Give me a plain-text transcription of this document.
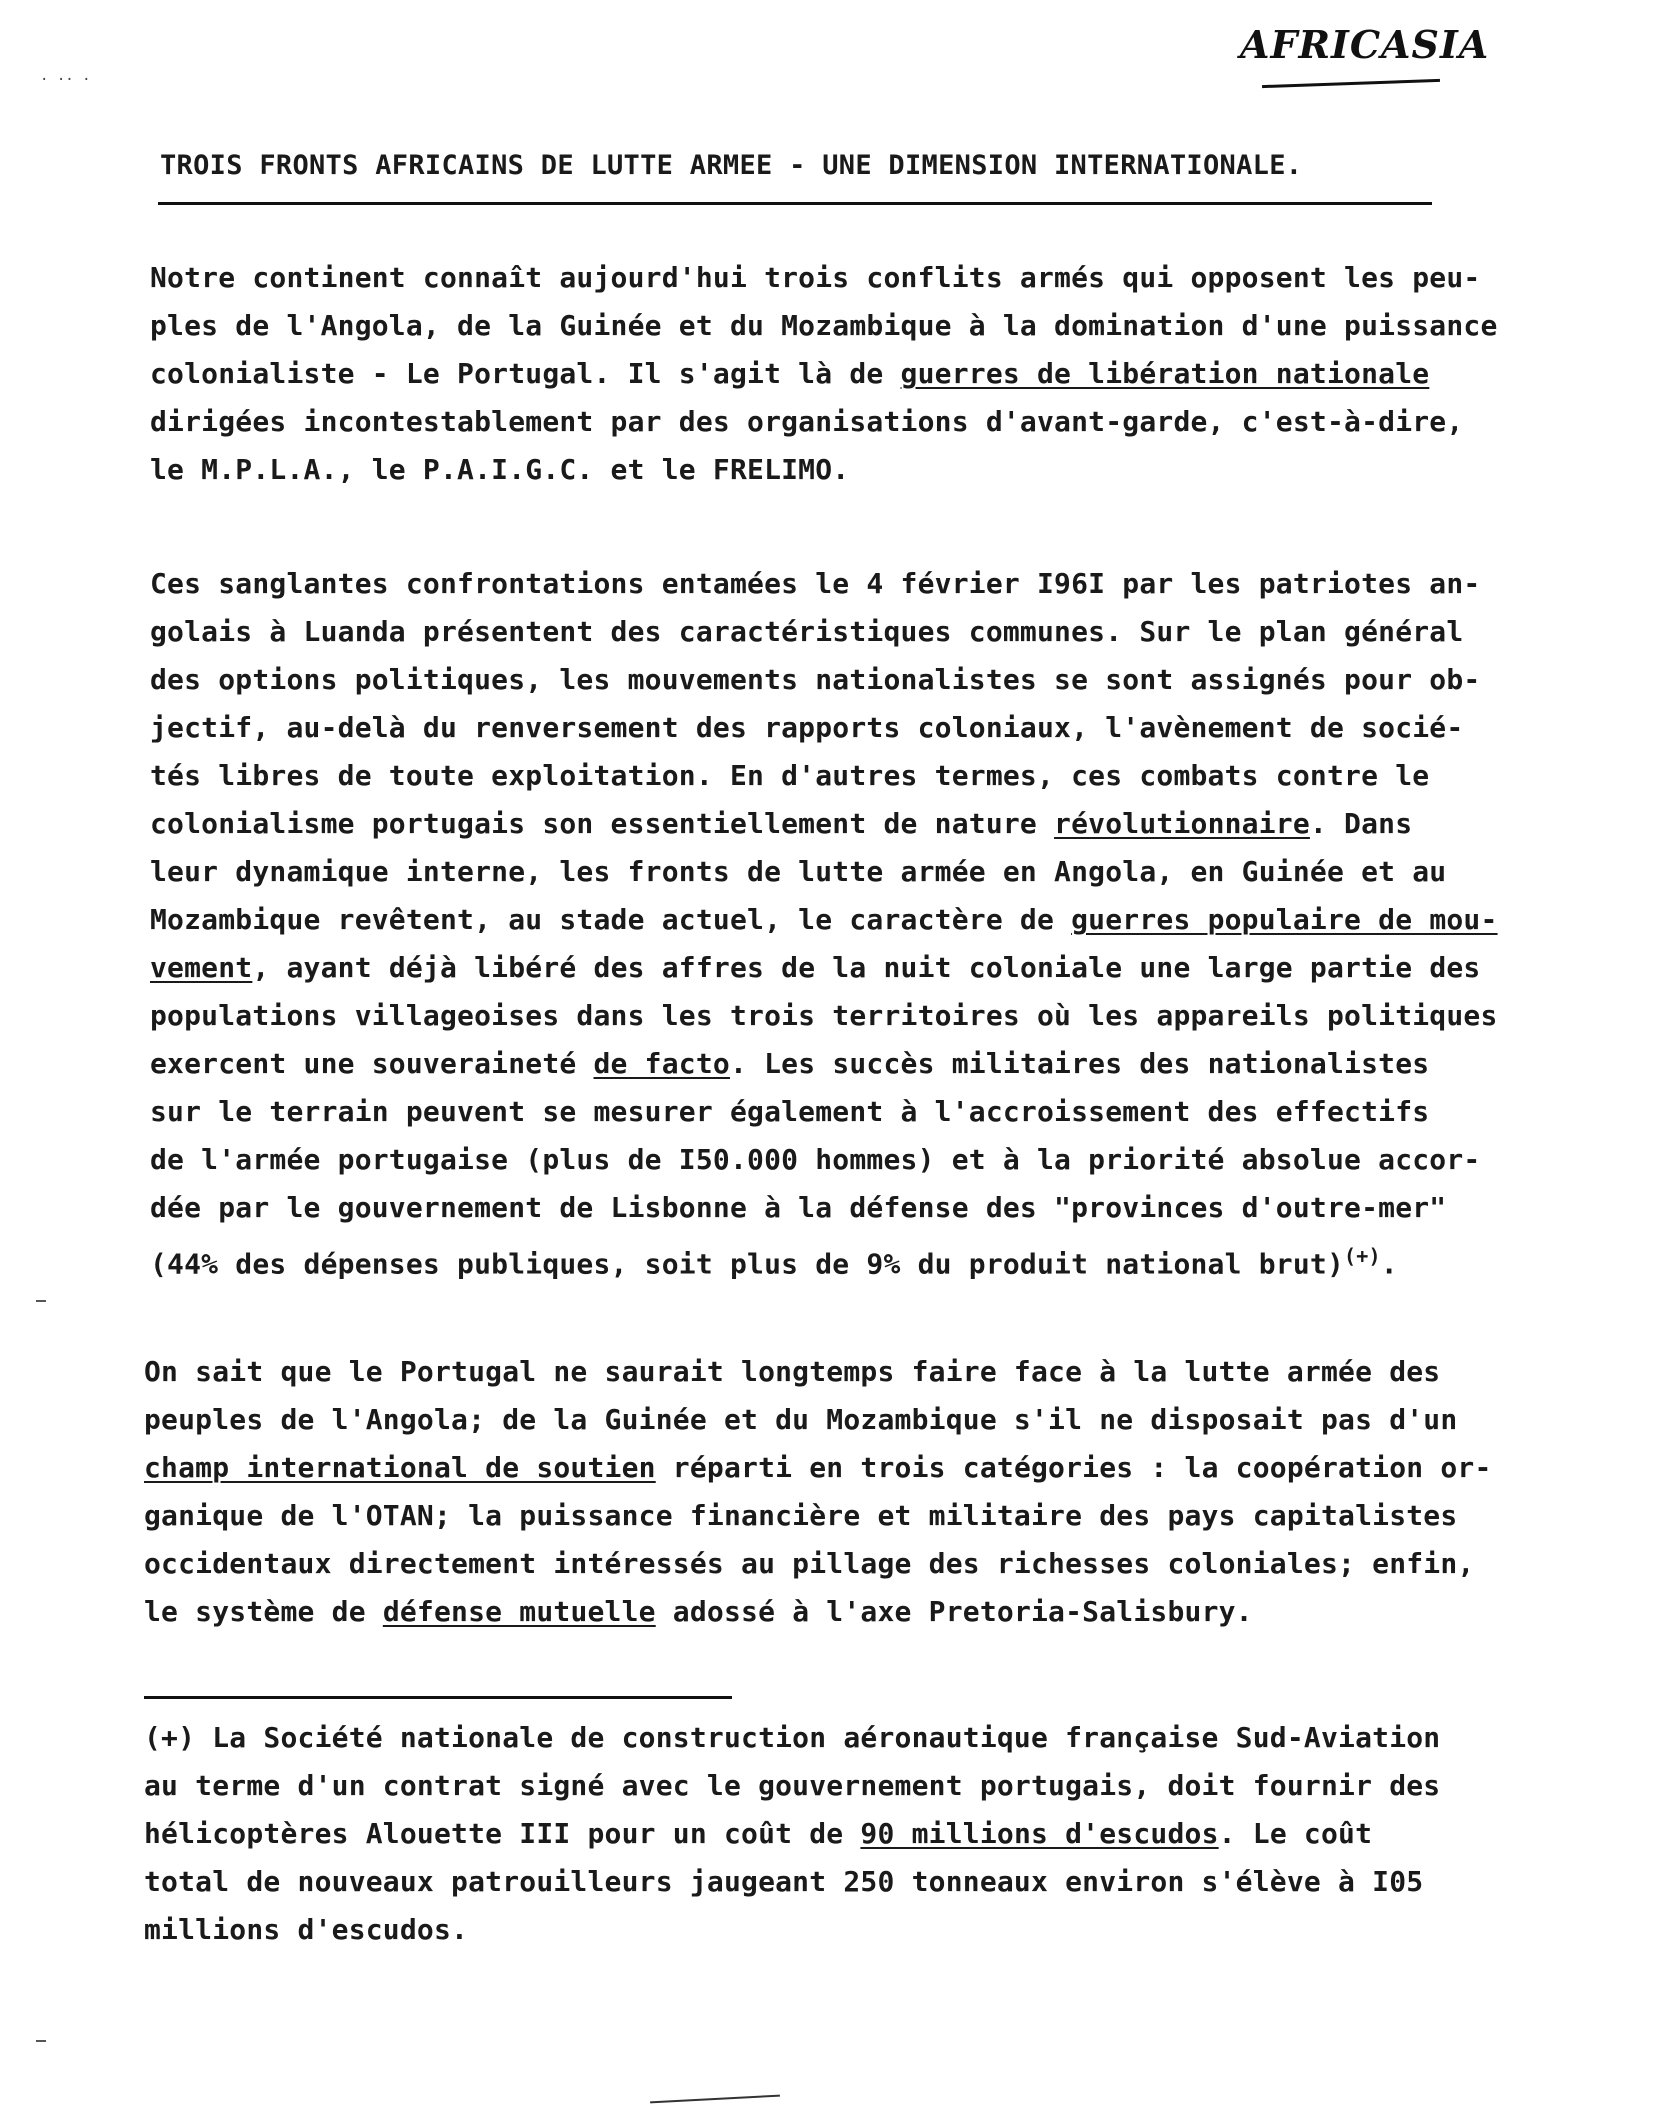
· ·· ·
AFRICASIA
TROIS FRONTS AFRICAINS DE LUTTE ARMEE - UNE DIMENSION INTERNATIONALE.
Notre continent connaît aujourd'hui trois conflits armés qui opposent les peu-
ples de l'Angola, de la Guinée et du Mozambique à la domination d'une puissance
colonialiste - Le Portugal. Il s'agit là de guerres de libération nationale
dirigées incontestablement par des organisations d'avant-garde, c'est-à-dire,
le M.P.L.A., le P.A.I.G.C. et le FRELIMO.
Ces sanglantes confrontations entamées le 4 février I96I par les patriotes an-
golais à Luanda présentent des caractéristiques communes. Sur le plan général
des options politiques, les mouvements nationalistes se sont assignés pour ob-
jectif, au-delà du renversement des rapports coloniaux, l'avènement de socié-
tés libres de toute exploitation. En d'autres termes, ces combats contre le
colonialisme portugais son essentiellement de nature révolutionnaire. Dans
leur dynamique interne, les fronts de lutte armée en Angola, en Guinée et au
Mozambique revêtent, au stade actuel, le caractère de guerres populaire de mou-
vement, ayant déjà libéré des affres de la nuit coloniale une large partie des
populations villageoises dans les trois territoires où les appareils politiques
exercent une souveraineté de facto. Les succès militaires des nationalistes
sur le terrain peuvent se mesurer également à l'accroissement des effectifs
de l'armée portugaise (plus de I50.000 hommes) et à la priorité absolue accor-
dée par le gouvernement de Lisbonne à la défense des "provinces d'outre-mer"
(44% des dépenses publiques, soit plus de 9% du produit national brut)(+).
On sait que le Portugal ne saurait longtemps faire face à la lutte armée des
peuples de l'Angola; de la Guinée et du Mozambique s'il ne disposait pas d'un
champ international de soutien réparti en trois catégories : la coopération or-
ganique de l'OTAN; la puissance financière et militaire des pays capitalistes
occidentaux directement intéressés au pillage des richesses coloniales; enfin,
le système de défense mutuelle adossé à l'axe Pretoria-Salisbury.
(+) La Société nationale de construction aéronautique française Sud-Aviation
au terme d'un contrat signé avec le gouvernement portugais, doit fournir des
hélicoptères Alouette III pour un coût de 90 millions d'escudos. Le coût
total de nouveaux patrouilleurs jaugeant 250 tonneaux environ s'élève à I05
millions d'escudos.
